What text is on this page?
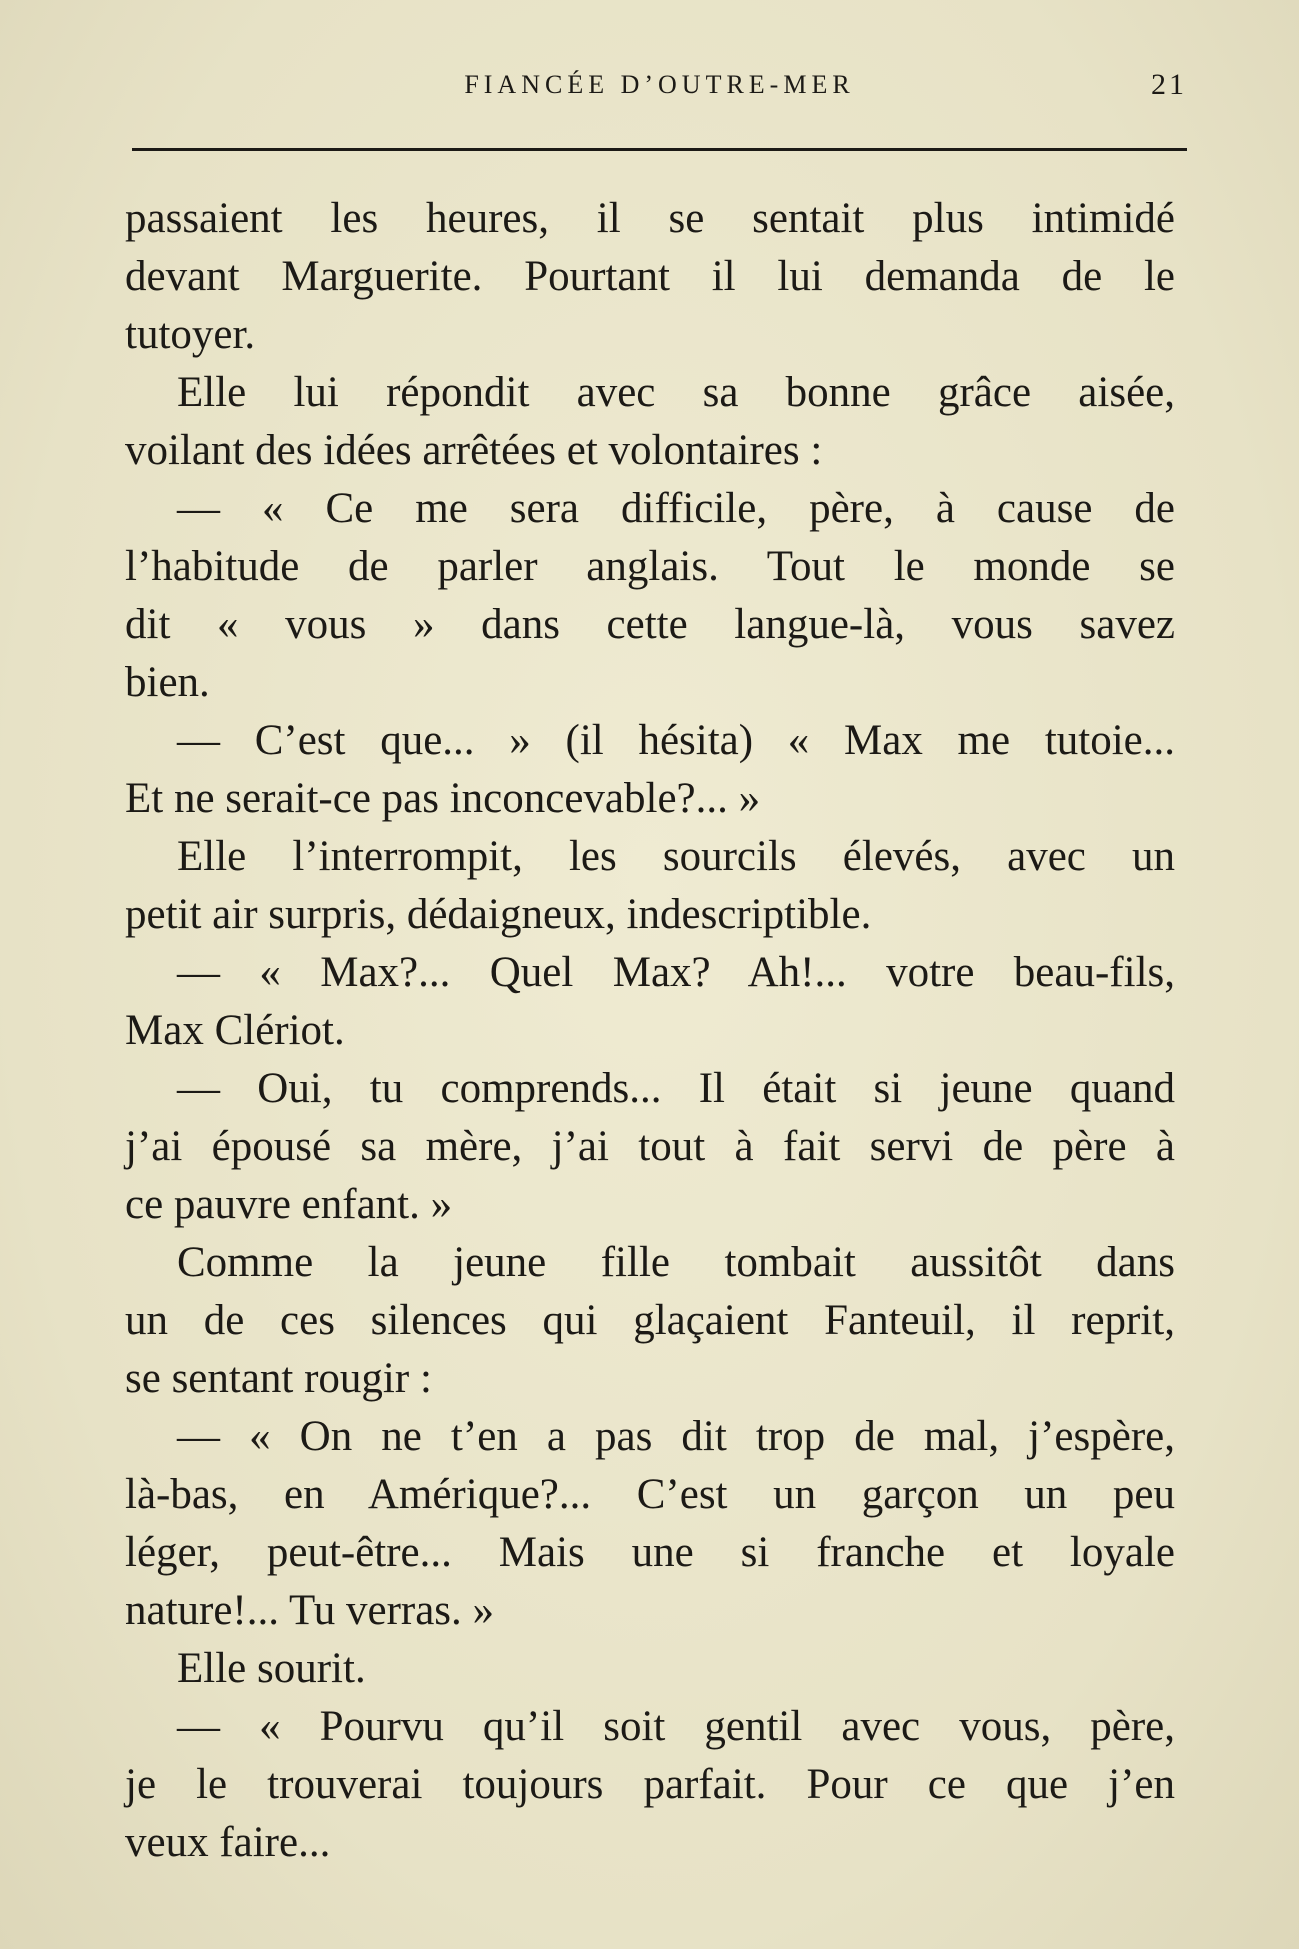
FIANCÉE D’OUTRE-MER	21
passaient les heures, il se sentait plus intimidé
devant Marguerite. Pourtant il lui demanda de le
tutoyer.
Elle lui répondit avec sa bonne grâce aisée,
voilant des idées arrêtées et volontaires :
— « Ce me sera difficile, père, à cause de
l’habitude de parler anglais. Tout le monde se
dit « vous » dans cette langue-là, vous savez
bien.
— C’est que... » (il hésita) « Max me tutoie...
Et ne serait-ce pas inconcevable?... »
Elle l’interrompit, les sourcils élevés, avec un
petit air surpris, dédaigneux, indescriptible.
— « Max?... Quel Max? Ah!... votre beau-fils,
Max Clériot.
— Oui, tu comprends... Il était si jeune quand
j’ai épousé sa mère, j’ai tout à fait servi de père à
ce pauvre enfant. »
Comme la jeune fille tombait aussitôt dans
un de ces silences qui glaçaient Fanteuil, il reprit,
se sentant rougir :
— « On ne t’en a pas dit trop de mal, j’espère,
là-bas, en Amérique?... C’est un garçon un peu
léger, peut-être... Mais une si franche et loyale
nature!... Tu verras. »
Elle sourit.
— « Pourvu qu’il soit gentil avec vous, père,
je le trouverai toujours parfait. Pour ce que j’en
veux faire...
